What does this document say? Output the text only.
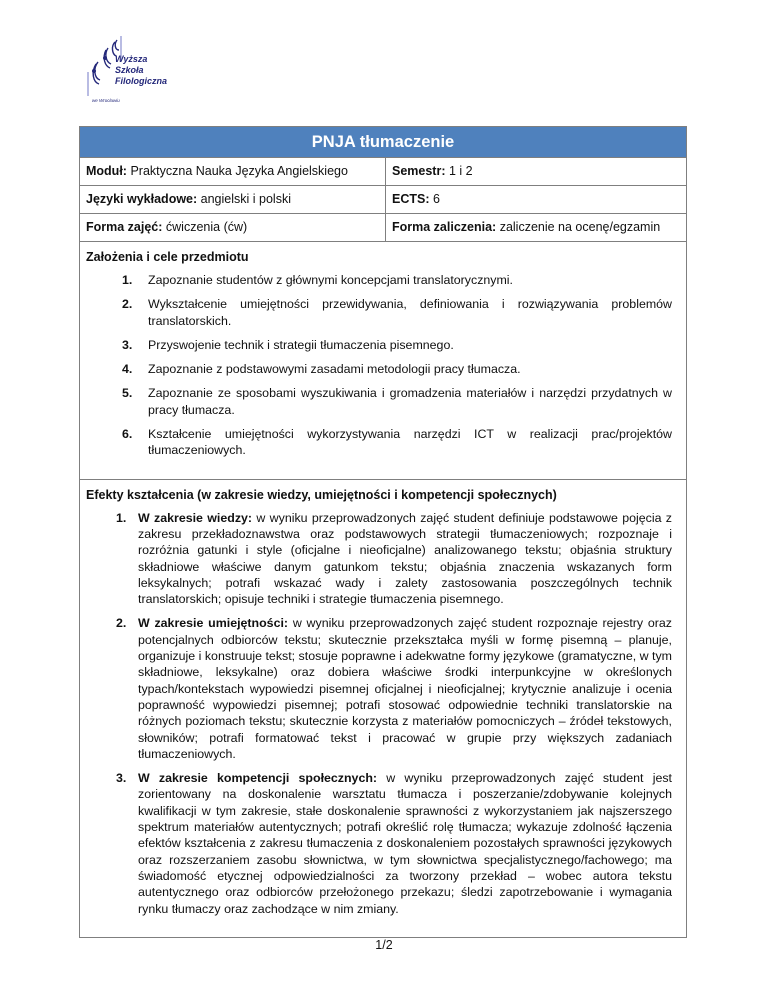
Wyższa
Szkoła
Filologiczna
we Wrocławiu
PNJA tłumaczenie
Moduł: Praktyczna Nauka Języka Angielskiego	Semestr: 1 i 2
Języki wykładowe: angielski i polski	ECTS: 6
Forma zajęć: ćwiczenia (ćw)	Forma zaliczenia: zaliczenie na ocenę/egzamin
Założenia i cele przedmiotu
1. Zapoznanie studentów z głównymi koncepcjami translatorycznymi.
2. Wykształcenie umiejętności przewidywania, definiowania i rozwiązywania problemów translatorskich.
3. Przyswojenie technik i strategii tłumaczenia pisemnego.
4. Zapoznanie z podstawowymi zasadami metodologii pracy tłumacza.
5. Zapoznanie ze sposobami wyszukiwania i gromadzenia materiałów i narzędzi przydatnych w pracy tłumacza.
6. Kształcenie umiejętności wykorzystywania narzędzi ICT w realizacji prac/projektów tłumaczeniowych.
Efekty kształcenia (w zakresie wiedzy, umiejętności i kompetencji społecznych)
1. W zakresie wiedzy: w wyniku przeprowadzonych zajęć student definiuje podstawowe pojęcia z zakresu przekładoznawstwa oraz podstawowych strategii tłumaczeniowych; rozpoznaje i rozróżnia gatunki i style (oficjalne i nieoficjalne) analizowanego tekstu; objaśnia struktury składniowe właściwe danym gatunkom tekstu; objaśnia znaczenia wskazanych form leksykalnych; potrafi wskazać wady i zalety zastosowania poszczególnych technik translatorskich; opisuje techniki i strategie tłumaczenia pisemnego.
2. W zakresie umiejętności: w wyniku przeprowadzonych zajęć student rozpoznaje rejestry oraz potencjalnych odbiorców tekstu; skutecznie przekształca myśli w formę pisemną – planuje, organizuje i konstruuje tekst; stosuje poprawne i adekwatne formy językowe (gramatyczne, w tym składniowe, leksykalne) oraz dobiera właściwe środki interpunkcyjne w określonych typach/kontekstach wypowiedzi pisemnej oficjalnej i nieoficjalnej; krytycznie analizuje i ocenia poprawność wypowiedzi pisemnej; potrafi stosować odpowiednie techniki translatorskie na różnych poziomach tekstu; skutecznie korzysta z materiałów pomocniczych – źródeł tekstowych, słowników; potrafi formatować tekst i pracować w grupie przy większych zadaniach tłumaczeniowych.
3. W zakresie kompetencji społecznych: w wyniku przeprowadzonych zajęć student jest zorientowany na doskonalenie warsztatu tłumacza i poszerzanie/zdobywanie kolejnych kwalifikacji w tym zakresie, stałe doskonalenie sprawności z wykorzystaniem jak najszerszego spektrum materiałów autentycznych; potrafi określić rolę tłumacza; wykazuje zdolność łączenia efektów kształcenia z zakresu tłumaczenia z doskonaleniem pozostałych sprawności językowych oraz rozszerzaniem zasobu słownictwa, w tym słownictwa specjalistycznego/fachowego; ma świadomość etycznej odpowiedzialności za tworzony przekład – wobec autora tekstu autentycznego oraz odbiorców przełożonego przekazu; śledzi zapotrzebowanie i wymagania rynku tłumaczy oraz zachodzące w nim zmiany.
1/2
